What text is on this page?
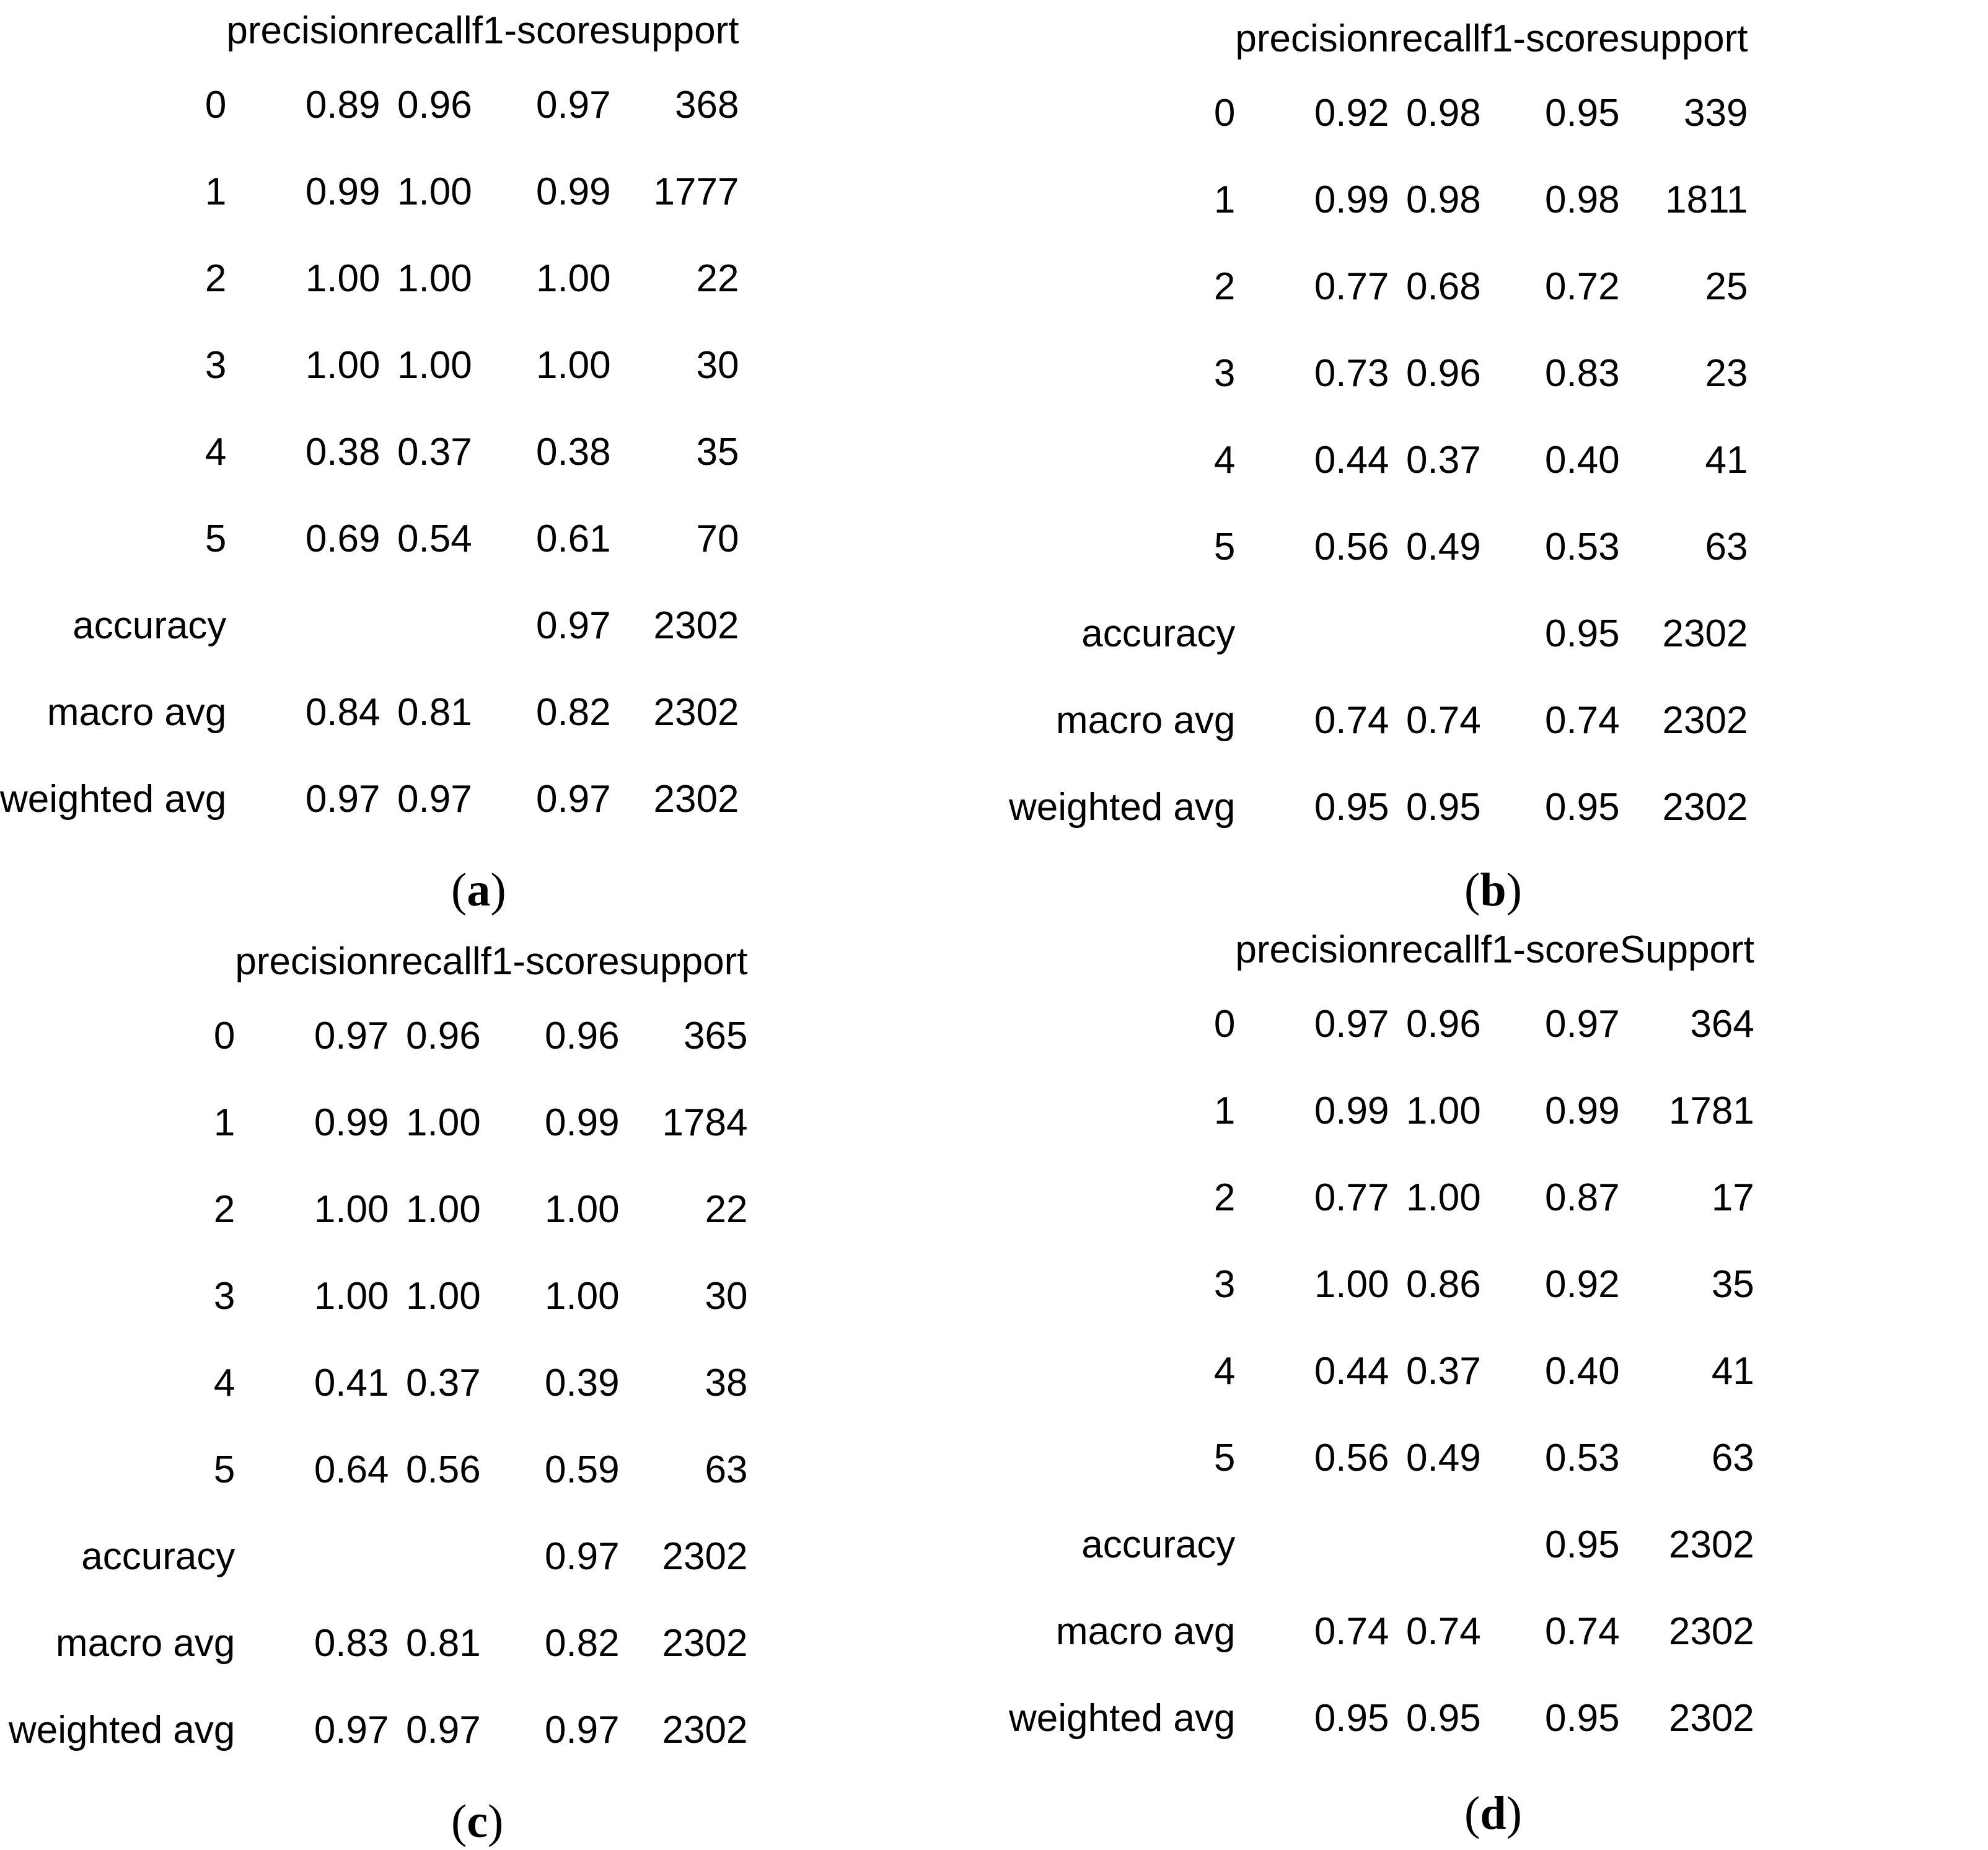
	precision	recall	f1-score	support
0	0.89	0.96	0.97	368
1	0.99	1.00	0.99	1777
2	1.00	1.00	1.00	22
3	1.00	1.00	1.00	30
4	0.38	0.37	0.38	35
5	0.69	0.54	0.61	70
accuracy			0.97	2302
macro avg	0.84	0.81	0.82	2302
weighted avg	0.97	0.97	0.97	2302
(a)
	precision	recall	f1-score	support
0	0.92	0.98	0.95	339
1	0.99	0.98	0.98	1811
2	0.77	0.68	0.72	25
3	0.73	0.96	0.83	23
4	0.44	0.37	0.40	41
5	0.56	0.49	0.53	63
accuracy			0.95	2302
macro avg	0.74	0.74	0.74	2302
weighted avg	0.95	0.95	0.95	2302
(b)
	precision	recall	f1-score	support
0	0.97	0.96	0.96	365
1	0.99	1.00	0.99	1784
2	1.00	1.00	1.00	22
3	1.00	1.00	1.00	30
4	0.41	0.37	0.39	38
5	0.64	0.56	0.59	63
accuracy			0.97	2302
macro avg	0.83	0.81	0.82	2302
weighted avg	0.97	0.97	0.97	2302
(c)
	precision	recall	f1-score	Support
0	0.97	0.96	0.97	364
1	0.99	1.00	0.99	1781
2	0.77	1.00	0.87	17
3	1.00	0.86	0.92	35
4	0.44	0.37	0.40	41
5	0.56	0.49	0.53	63
accuracy			0.95	2302
macro avg	0.74	0.74	0.74	2302
weighted avg	0.95	0.95	0.95	2302
(d)
